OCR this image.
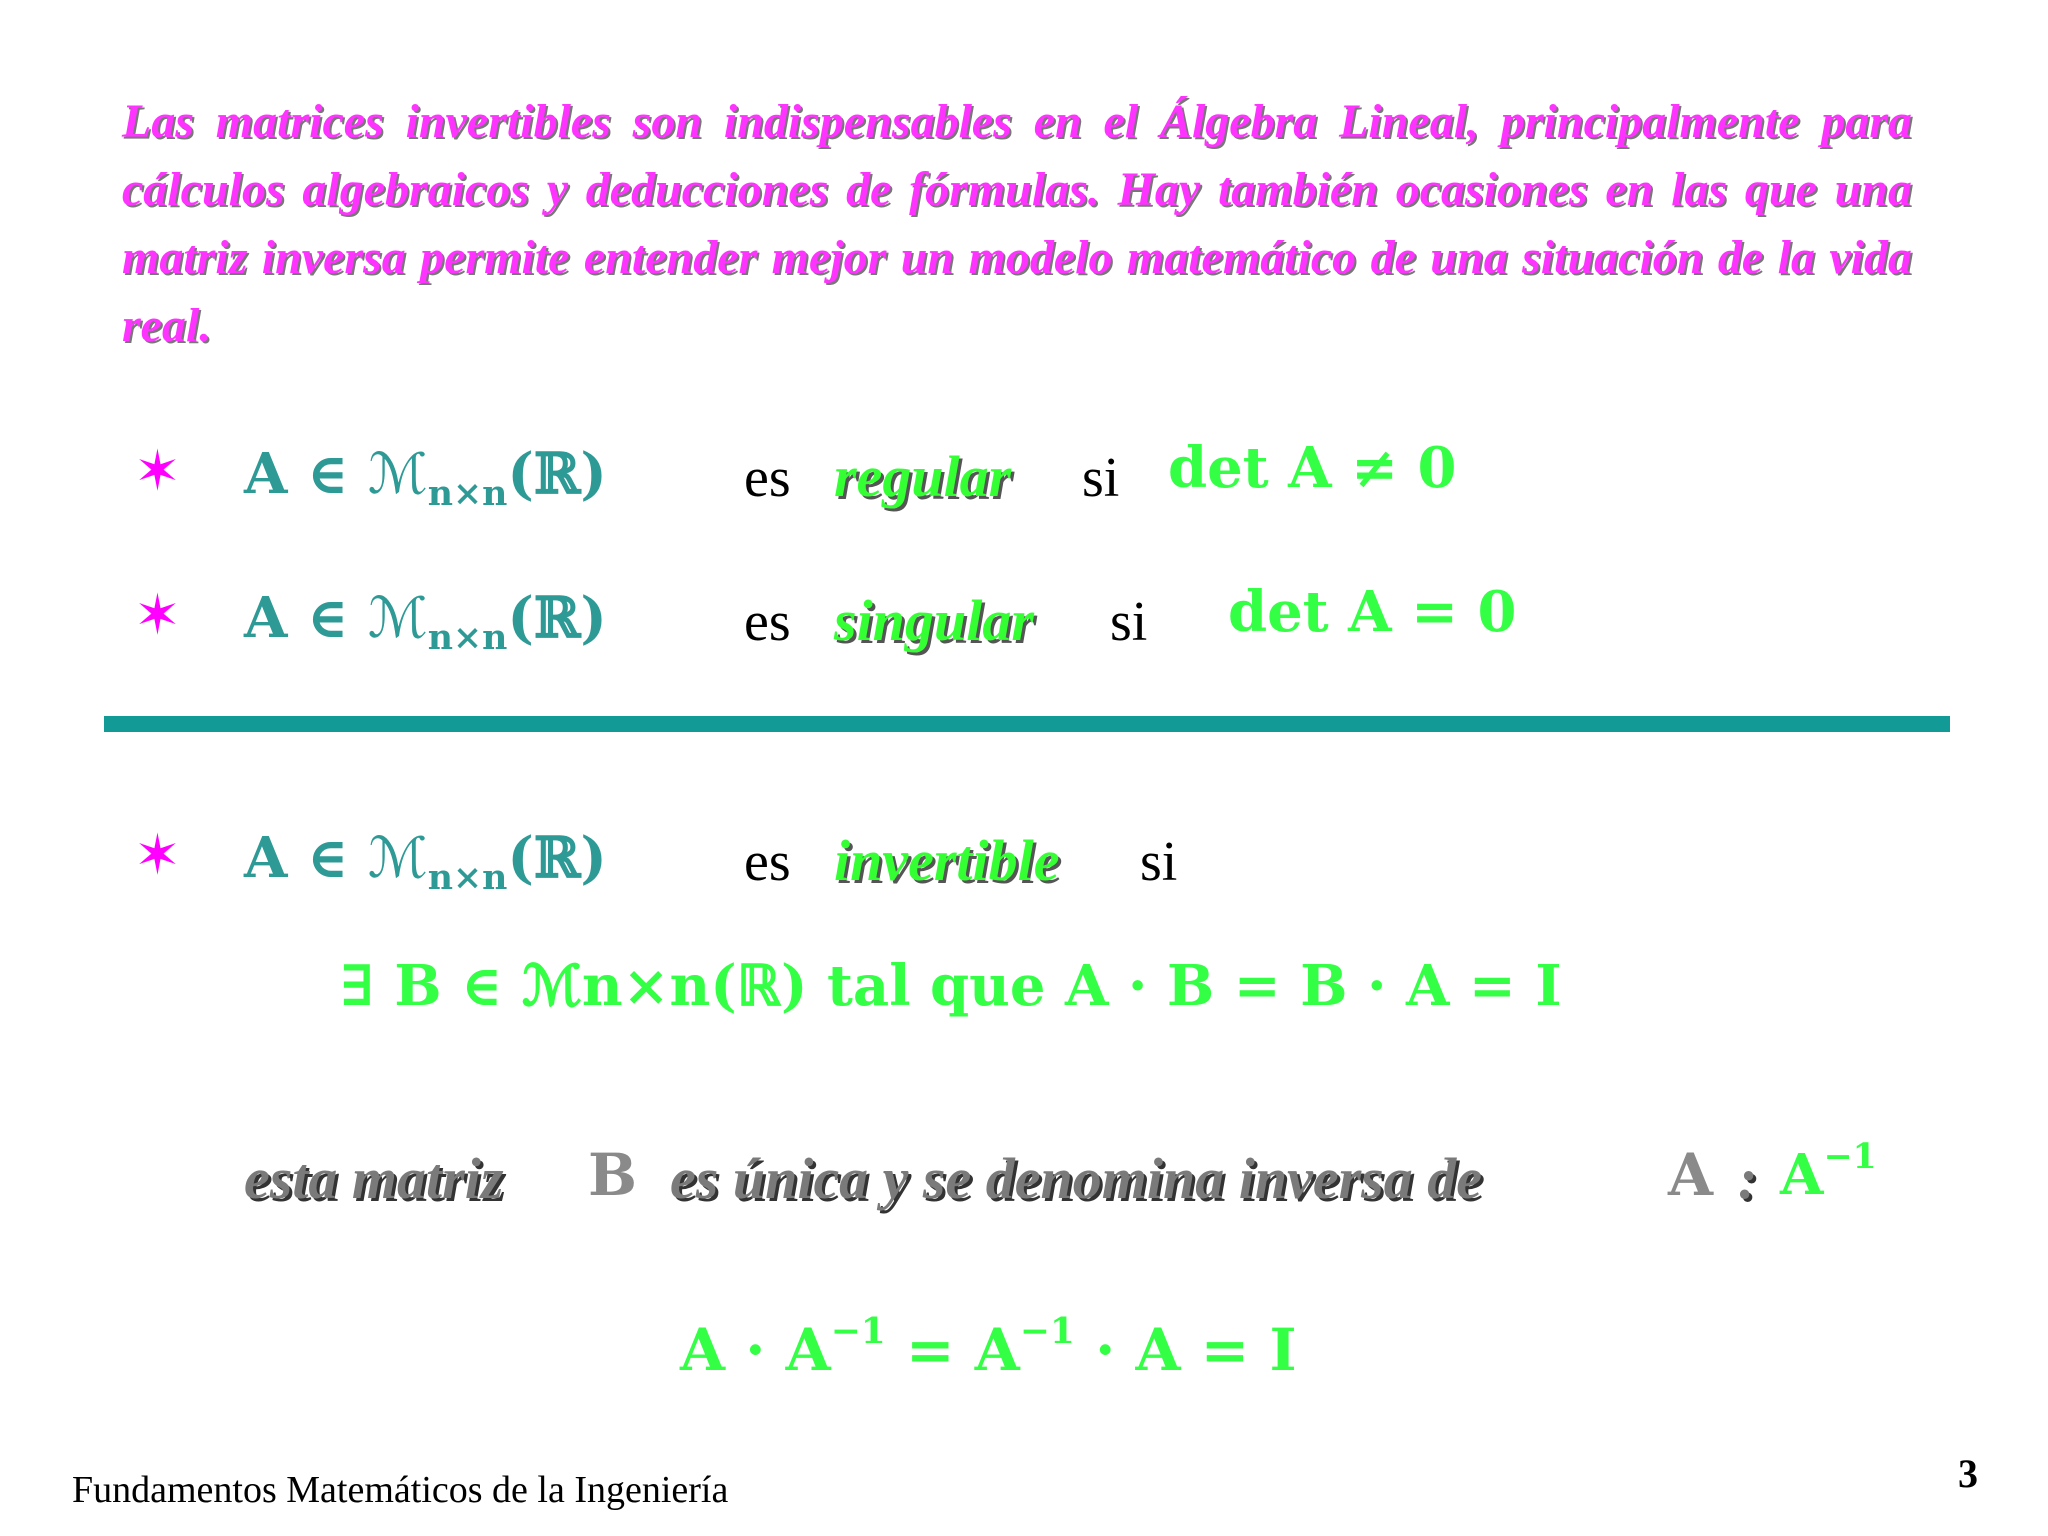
Las matrices invertibles son indispensables en el Álgebra Lineal, principalmente para cálculos algebraicos y deducciones de fórmulas. Hay también ocasiones en las que una matriz inversa permite entender mejor un modelo matemático de una situación de la vida real.
✶ A ∈ ℳ$_{n\times n}$(ℝ) es regular si det A ≠ 0
✶ A ∈ ℳ$_{n\times n}$(ℝ) es singular si det A = 0
✶ A ∈ ℳ$_{n\times n}$(ℝ) es invertible si
∃ B ∈ ℳn×n(ℝ) tal que A · B = B · A = I
esta matriz B es única y se denomina inversa de	A : $A^{-1}$
$A \cdot A^{-1} = A^{-1} \cdot A = I$
Fundamentos Matemáticos de la Ingeniería	3
